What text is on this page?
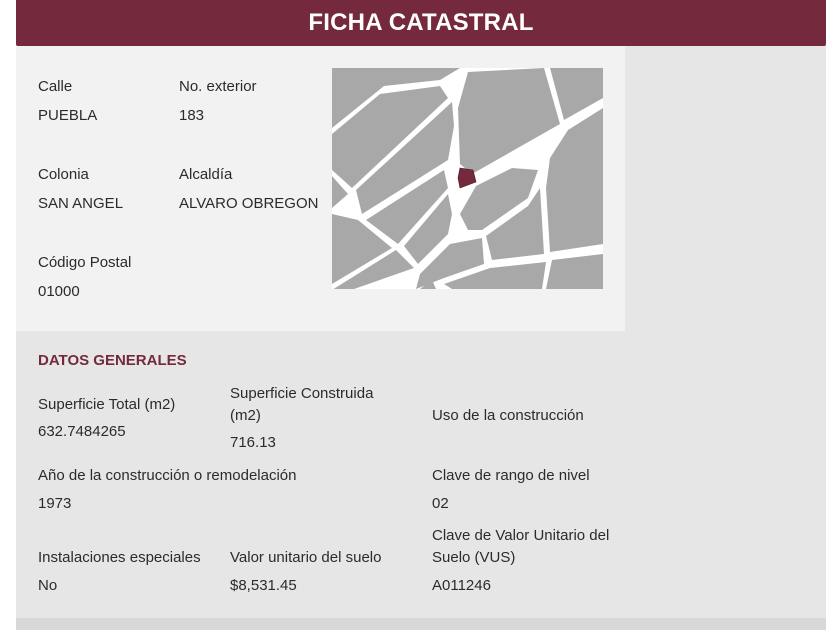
FICHA CATASTRAL
Calle
PUEBLA
No. exterior
183
Colonia
SAN ANGEL
Alcaldía
ALVARO OBREGON
Código Postal
01000
DATOS GENERALES
Superficie Total (m2)
632.7484265
Superficie Construida
(m2)
716.13
Uso de la construcción
Año de la construcción o remodelación
1973
Clave de rango de nivel
02
Instalaciones especiales
No
Valor unitario del suelo
$8,531.45
Clave de Valor Unitario del
Suelo (VUS)
A011246
